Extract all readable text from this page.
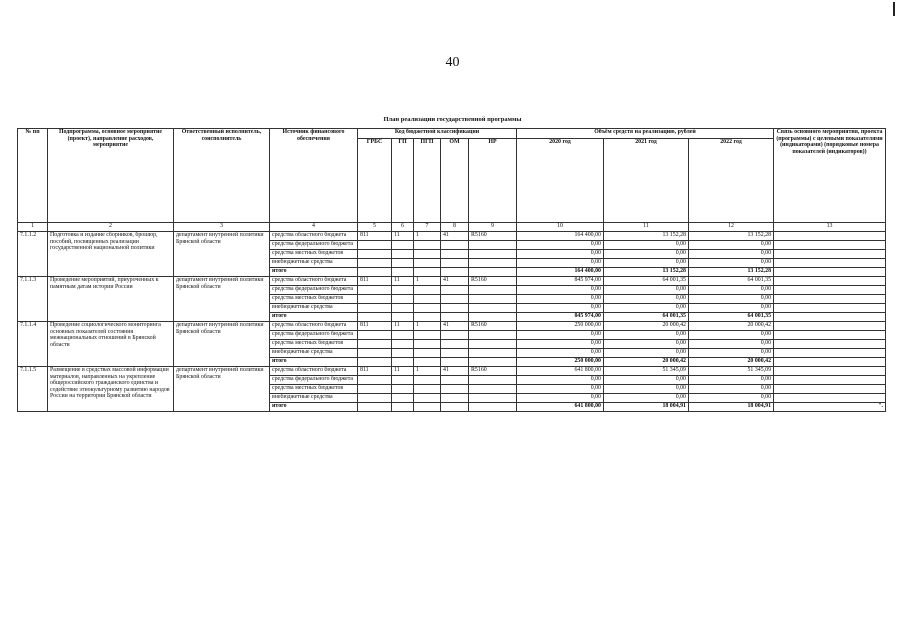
40
План реализации государственной программы
№ пп	Подпрограмма, основное мероприятие (проект), направление расходов, мероприятие	Ответственный исполнитель, соисполнитель	Источник финансового обеспечения	Код бюджетной классификации					Объём средств на реализацию, рублей			Связь основного мероприятия, проекта (программы) с целевыми показателями (индикаторами) (порядковые номера показателей (индикаторов))
				ГРБС	ГП	ПГП	ОМ	НР	2020 год	2021 год	2022 год	
1	2	3	4	5	6	7	8	9	10	11	12	13
7.1.1.2	Подготовка и издание сборников, брошюр, пособий, посвященных реализации государственной национальной политики	департамент внутренней политики Брянской области	средства областного бюджета	811	11	1	41	R5160	164 400,00	13 152,28	13 152,28	
			средства федерального бюджета						0,00	0,00	0,00	
			средства местных бюджетов						0,00	0,00	0,00	
			внебюджетные средства						0,00	0,00	0,00	
			итого						164 400,00	13 152,28	13 152,28	
7.1.1.3	Проведение мероприятий, приуроченных к памятным датам истории России	департамент внутренней политики Брянской области	средства областного бюджета	811	11	1	41	R5160	845 974,00	64 001,35	64 001,35	
			средства федерального бюджета						0,00	0,00	0,00	
			средства местных бюджетов						0,00	0,00	0,00	
			внебюджетные средства						0,00	0,00	0,00	
			итого						845 974,00	64 001,35	64 001,35	
7.1.1.4	Проведение социологического мониторинга основных показателей состояния межнациональных отношений в Брянской области	департамент внутренней политики Брянской области	средства областного бюджета	811	11	1	41	R5160	250 000,00	20 000,42	20 000,42	
			средства федерального бюджета						0,00	0,00	0,00	
			средства местных бюджетов						0,00	0,00	0,00	
			внебюджетные средства						0,00	0,00	0,00	
			итого						250 000,00	20 000,42	20 000,42	
7.1.1.5	Размещение в средствах массовой информации материалов, направленных на укрепление общероссийского гражданского единства и содействие этнокультурному развитию народов России на территории Брянской области	департамент внутренней политики Брянской области	средства областного бюджета	811	11	1	41	R5160	641 800,00	51 345,09	51 345,09	
			средства федерального бюджета						0,00	0,00	0,00	
			средства местных бюджетов						0,00	0,00	0,00	
			внебюджетные средства						0,00	0,00	0,00	
			итого						641 800,00	18 004,91	18 004,91	".
